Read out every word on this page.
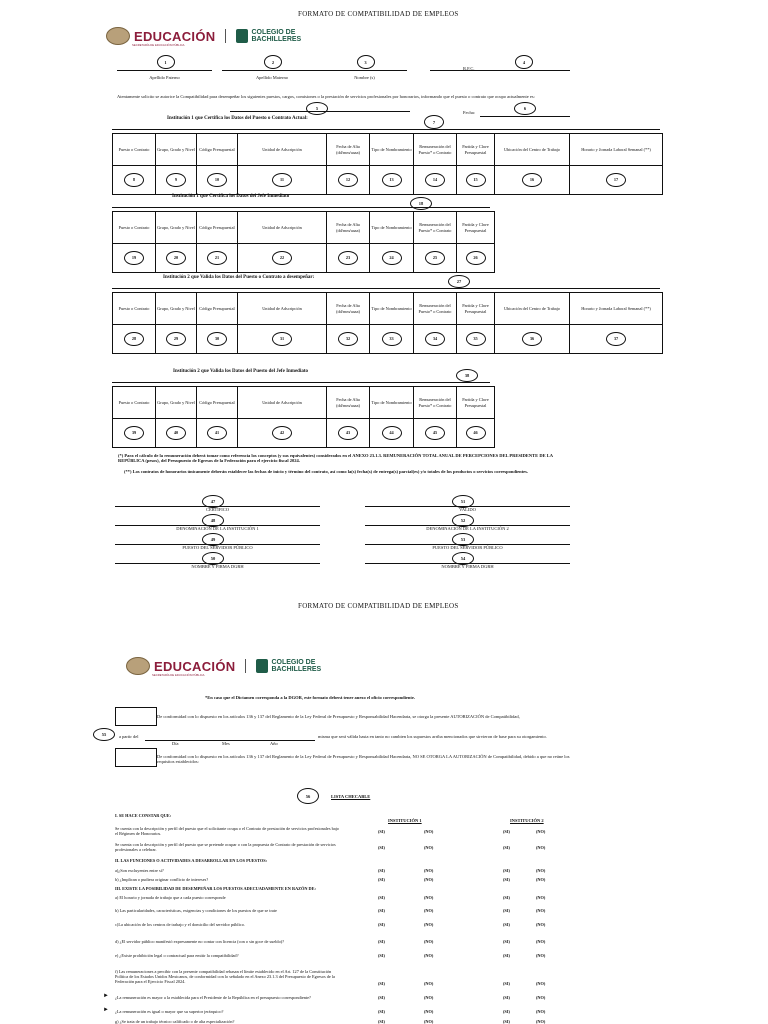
FORMATO DE COMPATIBILIDAD DE EMPLEOS
EDUCACIÓN	COLEGIO DE
BACHILLERES
SECRETARÍA DE EDUCACIÓN PÚBLICA
1
Apellido Paterno
2
Apellido Materno
3
Nombre (s)
R.F.C.
4
Atentamente solicito se autorice la Compatibilidad para desempeñar los siguientes puestos, cargos, comisiones o la prestación de servicios profesionales por honorarios, informando que el puesto o contrato que ocupo actualmente es:
5	6
Fecha:
7
Institución 1 que Certifica los Datos del Puesto o Contrato Actual:
Puesto o Contrato	Grupo, Grado y Nivel	Código Presupuestal	Unidad de Adscripción	Fecha de Alta (dd/mm/aaaa)	Tipo de Nombramiento	Remuneración del Puesto* o Contrato	Partida y Clave Presupuestal	Ubicación del Centro de Trabajo	Horario y Jornada Laboral Semanal (**)
8	9	10	11	12	13	14	15	16	17
18
Institución 1 que Certifica los Datos del Jefe Inmediato
Puesto o Contrato	Grupo, Grado y Nivel	Código Presupuestal	Unidad de Adscripción	Fecha de Alta (dd/mm/aaaa)	Tipo de Nombramiento	Remuneración del Puesto* o Contrato	Partida y Clave Presupuestal
19	20	21	22	23	24	25	26
27
Institución 2 que Valida los Datos del Puesto o Contrato a desempeñar:
Puesto o Contrato	Grupo, Grado y Nivel	Código Presupuestal	Unidad de Adscripción	Fecha de Alta (dd/mm/aaaa)	Tipo de Nombramiento	Remuneración del Puesto* o Contrato	Partida y Clave Presupuestal	Ubicación del Centro de Trabajo	Horario y Jornada Laboral Semanal (**)
28	29	30	31	32	33	34	35	36	37
38
Institución 2 que Valida los Datos del Puesto del Jefe Inmediato
Puesto o Contrato	Grupo, Grado y Nivel	Código Presupuestal	Unidad de Adscripción	Fecha de Alta (dd/mm/aaaa)	Tipo de Nombramiento	Remuneración del Puesto* o Contrato	Partida y Clave Presupuestal
39	40	41	42	43	44	45	46
(*) Para el cálculo de la remuneración deberá tomar como referencia los conceptos (y sus equivalentes) considerados en el ANEXO 23.1.3. REMUNERACIÓN TOTAL ANUAL DE PERCEPCIONES DEL PRESIDENTE DE LA REPÚBLICA (pesos), del Presupuesto de Egresos de la Federación para el ejercicio fiscal 2024.
(**) Los contratos de honorarios únicamente deberán establecer las fechas de inicio y término del contrato, así como la(s) fecha(s) de entrega(s) parcial(es) y/o totales de los productos o servicios correspondientes.
47
CERTIFICO
48
DENOMINACIÓN DE LA INSTITUCIÓN 1
49
PUESTO DEL SERVIDOR PÚBLICO
50
NOMBRE Y FIRMA DGRH
51
VALIDO
52
DENOMINACIÓN DE LA INSTITUCIÓN 2
53
PUESTO DEL SERVIDOR PÚBLICO
54
NOMBRE Y FIRMA DGRH
FORMATO DE COMPATIBILIDAD DE EMPLEOS
EDUCACIÓN	COLEGIO DE
BACHILLERES
SECRETARÍA DE EDUCACIÓN PÚBLICA
*En caso que el Dictamen corresponda a la DGOR, este formato deberá tener anexo el oficio correspondiente.
De conformidad con lo dispuesto en los artículos 136 y 137 del Reglamento de la Ley Federal de Presupuesto y Responsabilidad Hacendaria, se otorga la presente AUTORIZACIÓN de Compatibilidad,
55	a partir del
Día	Mes	Año
misma que será válida hasta en tanto no cambien los supuestos arriba mencionados que sirvieron de base para su otorgamiento.
De conformidad con lo dispuesto en los artículos 136 y 137 del Reglamento de la Ley Federal de Presupuesto y Responsabilidad Hacendaria, NO SE OTORGA LA AUTORIZACIÓN de Compatibilidad, debido a que no reúne los requisitos establecidos:
56	LISTA CHECABLE
INSTITUCIÓN 1	INSTITUCIÓN 2
I. SE HACE CONSTAR QUE:
Se cuenta con la descripción y perfil del puesto que el solicitante ocupa o el Contrato de prestación de servicios profesionales bajo el Régimen de Honorarios.	(SI)	(NO)	(SI)	(NO)
Se cuenta con la descripción y perfil del puesto que se pretende ocupar o con la propuesta de Contrato de prestación de servicios profesionales a celebrar.	(SI)	(NO)	(SI)	(NO)
II. LAS FUNCIONES O ACTIVIDADES A DESARROLLAR EN LOS PUESTOS:
a)¿Son excluyentes entre sí?	(SI)	(NO)	(SI)	(NO)
b) ¿Implican o pudiera originar conflicto de intereses?	(SI)	(NO)	(SI)	(NO)
III. EXISTE LA POSIBILIDAD DE DESEMPEÑAR LOS PUESTOS ADECUADAMENTE EN RAZÓN DE:
a) El horario y jornada de trabajo que a cada puesto corresponde	(SI)	(NO)	(SI)	(NO)
b) Las particularidades, características, exigencias y condiciones de los puestos de que se trate	(SI)	(NO)	(SI)	(NO)
c)La ubicación de los centros de trabajo y el domicilio del servidor público.	(SI)	(NO)	(SI)	(NO)
d) ¿El servidor público manifestó expresamente no contar con licencia (con o sin goce de sueldo)?	(SI)	(NO)	(SI)	(NO)
e) ¿Existe prohibición legal o contractual para emitir la compatibilidad?	(SI)	(NO)	(SI)	(NO)
f) Las remuneraciones a percibir con la presente compatibilidad rebasan el límite establecido en el Art. 127 de la Constitución Política de los Estados Unidos Mexicanos, de conformidad con lo señalado en el Anexo 23.1.3 del Presupuesto de Egresos de la Federación para el Ejercicio Fiscal 2024.	(SI)	(NO)	(SI)	(NO)
¿La remuneración es mayor a la establecida para el Presidente de la República en el presupuesto correspondiente?
►	(SI)	(NO)	(SI)	(NO)
¿La remuneración es igual o mayor que su superior jerárquico?
►	(SI)	(NO)	(SI)	(NO)
g) ¿Se trata de un trabajo técnico calificado o de alta especialización?	(SI)	(NO)	(SI)	(NO)
